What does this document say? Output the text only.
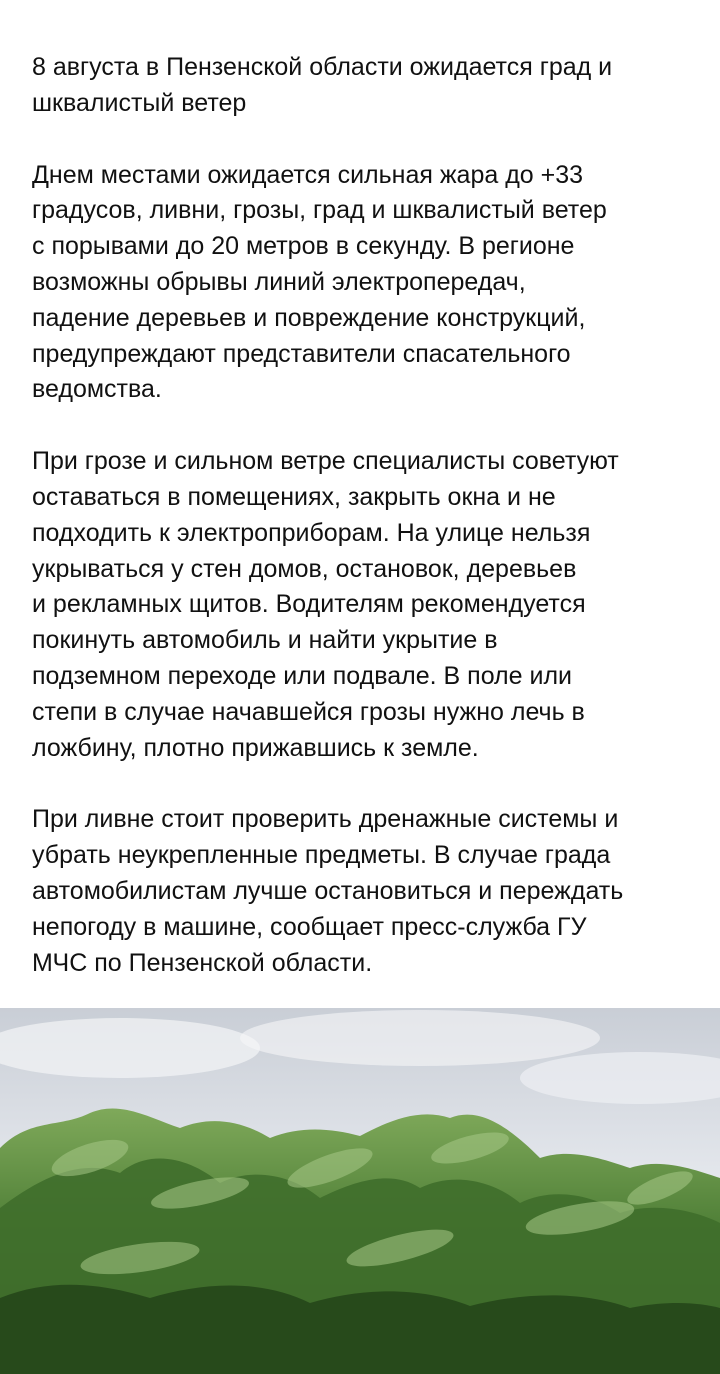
8 августа в Пензенской области ожидается град и
шквалистый ветер

Днем местами ожидается сильная жара до +33
градусов, ливни, грозы, град и шквалистый ветер
с порывами до 20 метров в секунду. В регионе
возможны обрывы линий электропередач,
падение деревьев и повреждение конструкций,
предупреждают представители спасательного
ведомства.

При грозе и сильном ветре специалисты советуют
оставаться в помещениях, закрыть окна и не
подходить к электроприборам. На улице нельзя
укрываться у стен домов, остановок, деревьев
и рекламных щитов. Водителям рекомендуется
покинуть автомобиль и найти укрытие в
подземном переходе или подвале. В поле или
степи в случае начавшейся грозы нужно лечь в
ложбину, плотно прижавшись к земле.

При ливне стоит проверить дренажные системы и
убрать неукрепленные предметы. В случае града
автомобилистам лучше остановиться и переждать
непогоду в машине, сообщает пресс-служба ГУ
МЧС по Пензенской области.
